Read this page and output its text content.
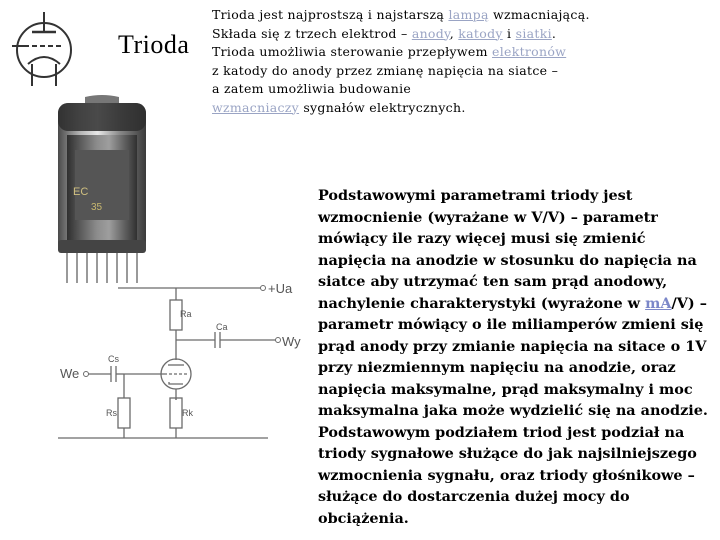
Trioda

Trioda jest najprostszą i najstarszą lampą wzmacniającą.

Składa się z trzech elektrod – anody, katody i siatki.

Trioda umożliwia sterowanie przepływem elektronów

z katody do anody przez zmianę napięcia na siatce –

a zatem umożliwia budowanie

wzmacniaczy sygnałów elektrycznych.

EC
35
+Ua
Ra
Ca
Wy
Cs
We
Rs	Rk
Podstawowymi parametrami triody jest wzmocnienie (wyrażane w V/V) – parametr mówiący ile razy więcej musi się zmienić napięcia na anodzie w stosunku do napięcia na siatce aby utrzymać ten sam prąd anodowy, nachylenie charakterystyki (wyrażone w mA/V) – parametr mówiący o ile miliamperów zmieni się prąd anody przy zmianie napięcia na sitace o 1V przy niezmiennym napięciu na anodzie, oraz napięcia maksymalne, prąd maksymalny i moc maksymalna jaka może wydzielić się na anodzie. Podstawowym podziałem triod jest podział na triody sygnałowe służące do jak najsilniejszego wzmocnienia sygnału, oraz triody głośnikowe – służące do dostarczenia dużej mocy do obciążenia.
